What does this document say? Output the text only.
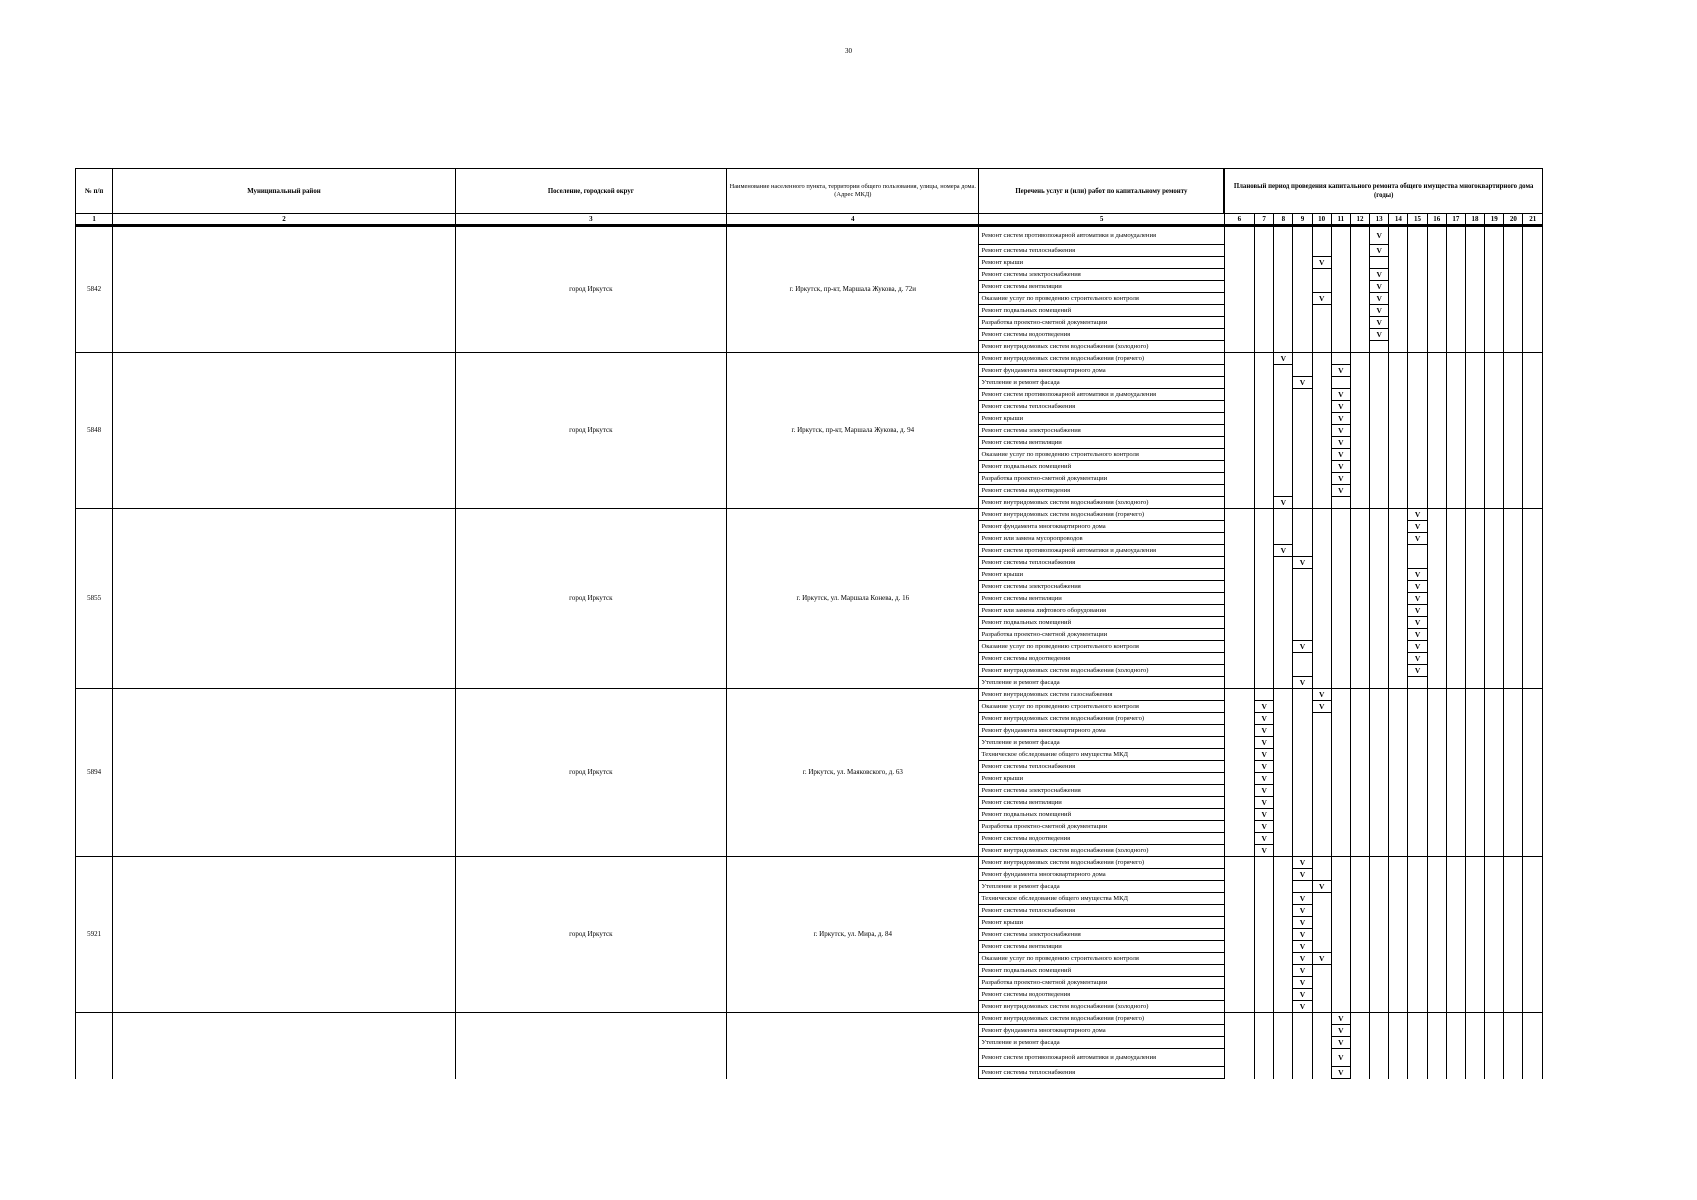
30
№ п/п	Муниципальный район	Поселение, городской округ	Наименование населенного пункта, территории общего пользования, улицы, номера дома. (Адрес МКД)	Перечень услуг и (или) работ по капитальному ремонту	Плановый период проведения капитального ремонта общего имущества многоквартирного дома (годы)															
1	2	3	4	5	6	7	8	9	10	11	12	13	14	15	16	17	18	19	20	21
5842		город Иркутск	г. Иркутск, пр-кт, Маршала Жукова, д. 72и	Ремонт систем противопожарной автоматики и дымоудаления								V								
				Ремонт системы теплоснабжения								V								
				Ремонт крыши					V											
				Ремонт системы электроснабжения								V								
				Ремонт системы вентиляции								V								
				Оказание услуг по проведению строительного контроля					V			V								
				Ремонт подвальных помещений								V								
				Разработка проектно-сметной документации								V								
				Ремонт системы водоотведения								V								
				Ремонт внутридомовых систем водоснабжения (холодного)																
5848		город Иркутск	г. Иркутск, пр-кт, Маршала Жукова, д. 94	Ремонт внутридомовых систем водоснабжения (горячего)			V													
				Ремонт фундамента многоквартирного дома						V										
				Утепление и ремонт фасада				V												
				Ремонт систем противопожарной автоматики и дымоудаления						V										
				Ремонт системы теплоснабжения						V										
				Ремонт крыши						V										
				Ремонт системы электроснабжения						V										
				Ремонт системы вентиляции						V										
				Оказание услуг по проведению строительного контроля						V										
				Ремонт подвальных помещений						V										
				Разработка проектно-сметной документации						V										
				Ремонт системы водоотведения						V										
				Ремонт внутридомовых систем водоснабжения (холодного)			V													
5855		город Иркутск	г. Иркутск, ул. Маршала Конева, д. 16	Ремонт внутридомовых систем водоснабжения (горячего)										V						
				Ремонт фундамента многоквартирного дома										V						
				Ремонт или замена мусоропроводов										V						
				Ремонт систем противопожарной автоматики и дымоудаления			V													
				Ремонт системы теплоснабжения				V												
				Ремонт крыши										V						
				Ремонт системы электроснабжения										V						
				Ремонт системы вентиляции										V						
				Ремонт или замена лифтового оборудования										V						
				Ремонт подвальных помещений										V						
				Разработка проектно-сметной документации										V						
				Оказание услуг по проведению строительного контроля				V						V						
				Ремонт системы водоотведения										V						
				Ремонт внутридомовых систем водоснабжения (холодного)										V						
				Утепление и ремонт фасада				V												
5894		город Иркутск	г. Иркутск, ул. Маяковского, д. 63	Ремонт внутридомовых систем газоснабжения					V											
				Оказание услуг по проведению строительного контроля		V			V											
				Ремонт внутридомовых систем водоснабжения (горячего)		V														
				Ремонт фундамента многоквартирного дома		V														
				Утепление и ремонт фасада		V														
				Техническое обследование общего имущества МКД		V														
				Ремонт системы теплоснабжения		V														
				Ремонт крыши		V														
				Ремонт системы электроснабжения		V														
				Ремонт системы вентиляции		V														
				Ремонт подвальных помещений		V														
				Разработка проектно-сметной документации		V														
				Ремонт системы водоотведения		V														
				Ремонт внутридомовых систем водоснабжения (холодного)		V														
5921		город Иркутск	г. Иркутск, ул. Мира, д. 84	Ремонт внутридомовых систем водоснабжения (горячего)				V												
				Ремонт фундамента многоквартирного дома				V												
				Утепление и ремонт фасада					V											
				Техническое обследование общего имущества МКД				V												
				Ремонт системы теплоснабжения				V												
				Ремонт крыши				V												
				Ремонт системы электроснабжения				V												
				Ремонт системы вентиляции				V												
				Оказание услуг по проведению строительного контроля				V	V											
				Ремонт подвальных помещений				V												
				Разработка проектно-сметной документации				V												
				Ремонт системы водоотведения				V												
				Ремонт внутридомовых систем водоснабжения (холодного)				V												
				Ремонт внутридомовых систем водоснабжения (горячего)						V										
				Ремонт фундамента многоквартирного дома						V										
				Утепление и ремонт фасада						V										
				Ремонт систем противопожарной автоматики и дымоудаления						V										
				Ремонт системы теплоснабжения						V										
